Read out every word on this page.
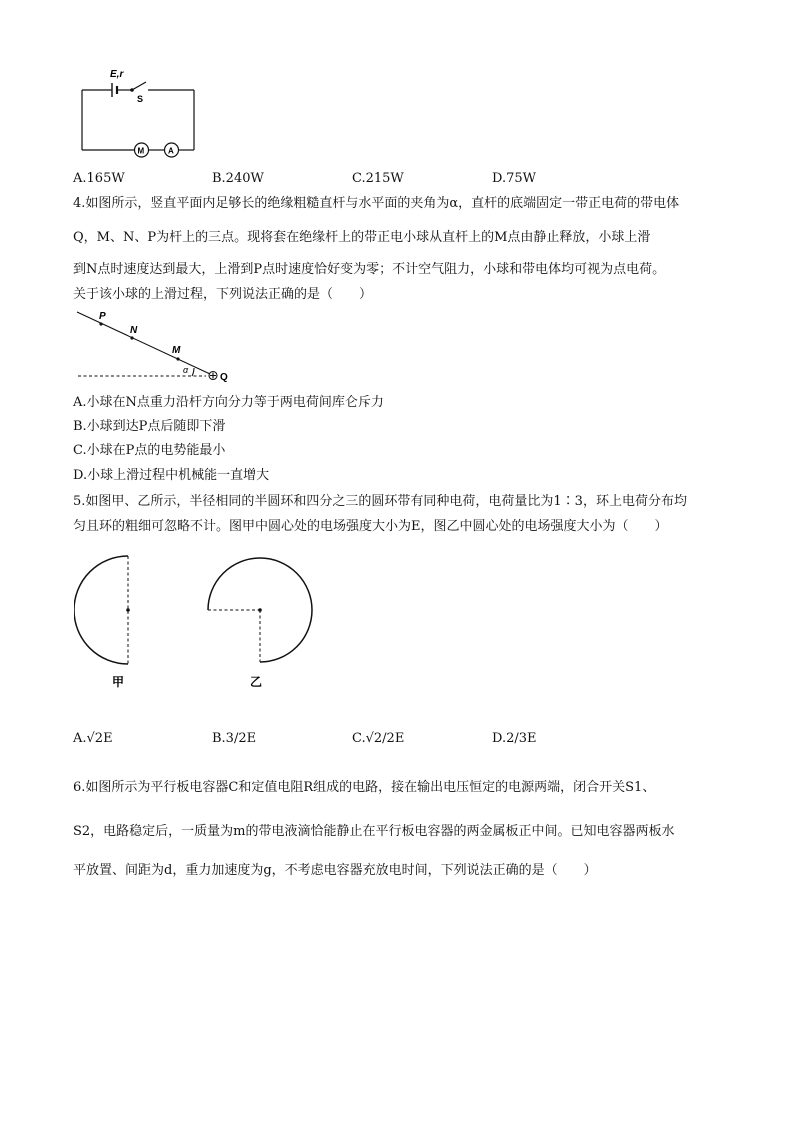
E,r
S
M	A
A.165W	B.240W	C.215W	D.75W
4.如图所示，竖直平面内足够长的绝缘粗糙直杆与水平面的夹角为α，直杆的底端固定一带正电荷的带电体
Q，M、N、P为杆上的三点。现将套在绝缘杆上的带正电小球从直杆上的M点由静止释放，小球上滑
到N点时速度达到最大，上滑到P点时速度恰好变为零；不计空气阻力，小球和带电体均可视为点电荷。
关于该小球的上滑过程，下列说法正确的是（　　）
P
N
M
α
Q
A.小球在N点重力沿杆方向分力等于两电荷间库仑斥力
B.小球到达P点后随即下滑
C.小球在P点的电势能最小
D.小球上滑过程中机械能一直增大
5.如图甲、乙所示，半径相同的半圆环和四分之三的圆环带有同种电荷，电荷量比为1∶3，环上电荷分布均
匀且环的粗细可忽略不计。图甲中圆心处的电场强度大小为E，图乙中圆心处的电场强度大小为（　　）
甲	乙
A.√2E	B.3/2E	C.√2/2E	D.2/3E
6.如图所示为平行板电容器C和定值电阻R组成的电路，接在输出电压恒定的电源两端，闭合开关S1、
S2，电路稳定后，一质量为m的带电液滴恰能静止在平行板电容器的两金属板正中间。已知电容器两板水
平放置、间距为d，重力加速度为g，不考虑电容器充放电时间，下列说法正确的是（　　）
